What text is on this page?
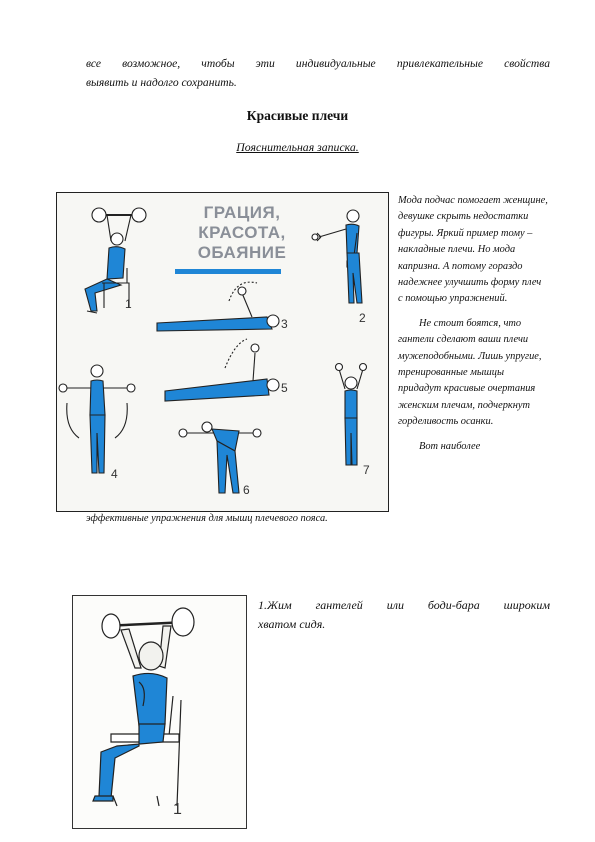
все возможное, чтобы эти индивидуальные привлекательные свойства
выявить и надолго сохранить.
Красивые плечи
Пояснительная записка.
ГРАЦИЯ,
КРАСОТА,
ОБАЯНИЕ
1
2
3
4
5
6
7

Мода подчас помогает женщине, девушке скрыть недостатки фигуры. Яркий пример тому – накладные плечи. Но мода капризна. А потому гораздо надежнее улучшить форму плеч с помощью упражнений.

Не стоит боятся, что гантели сделают ваши плечи мужеподобными. Лишь упругие, тренированные мышцы придадут красивые очертания женским плечам, подчеркнут горделивость осанки.

Вот наиболее

эффективные упражнения для мышц плечевого пояса.
1
1.Жим гантелей или боди-бара широким
хватом сидя.
